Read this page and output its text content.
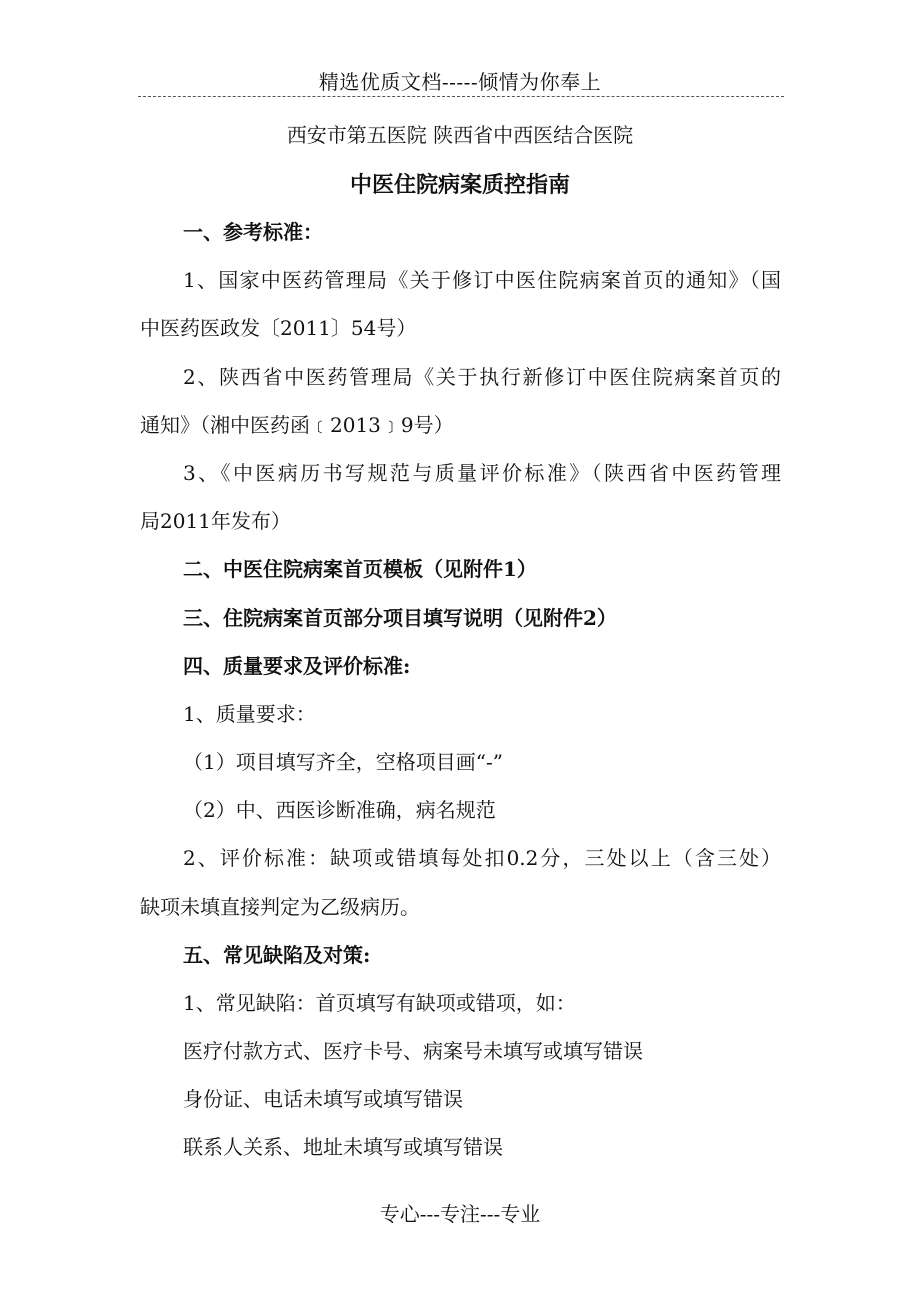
精选优质文档-----倾情为你奉上
西安市第五医院 陕西省中西医结合医院
中医住院病案质控指南
一、参考标准：
1、国家中医药管理局《关于修订中医住院病案首页的通知》（国
中医药医政发〔2011〕54号）
2、陕西省中医药管理局《关于执行新修订中医住院病案首页的
通知》（湘中医药函﹝2013﹞9号）
3、《中医病历书写规范与质量评价标准》（陕西省中医药管理
局2011年发布）
二、中医住院病案首页模板（见附件1）
三、住院病案首页部分项目填写说明（见附件2）
四、质量要求及评价标准:
1、质量要求：
（1）项目填写齐全，空格项目画“-”
（2）中、西医诊断准确，病名规范
2、评价标准：缺项或错填每处扣0.2分，三处以上（含三处）
缺项未填直接判定为乙级病历。
五、常见缺陷及对策:
1、常见缺陷：首页填写有缺项或错项，如：
医疗付款方式、医疗卡号、病案号未填写或填写错误
身份证、电话未填写或填写错误
联系人关系、地址未填写或填写错误
专心---专注---专业
